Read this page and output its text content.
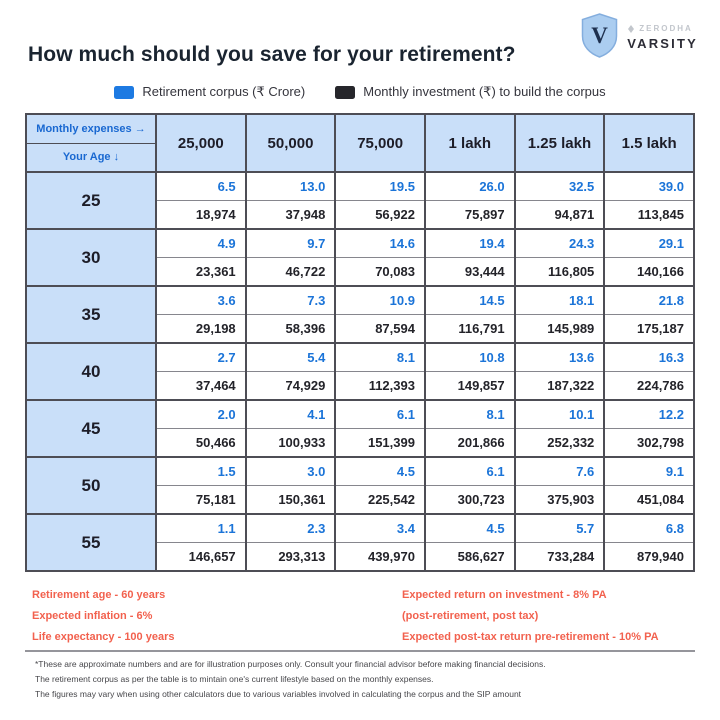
How much should you save for your retirement?
V	ZERODHA
VARSITY
Retirement corpus (₹ Crore)	Monthly investment (₹) to build the corpus
Monthly expenses →
Your Age ↓	25,000	50,000	75,000	1 lakh	1.25 lakh	1.5 lakh
25	6.5	13.0	19.5	26.0	32.5	39.0
	18,974	37,948	56,922	75,897	94,871	113,845
30	4.9	9.7	14.6	19.4	24.3	29.1
	23,361	46,722	70,083	93,444	116,805	140,166
35	3.6	7.3	10.9	14.5	18.1	21.8
	29,198	58,396	87,594	116,791	145,989	175,187
40	2.7	5.4	8.1	10.8	13.6	16.3
	37,464	74,929	112,393	149,857	187,322	224,786
45	2.0	4.1	6.1	8.1	10.1	12.2
	50,466	100,933	151,399	201,866	252,332	302,798
50	1.5	3.0	4.5	6.1	7.6	9.1
	75,181	150,361	225,542	300,723	375,903	451,084
55	1.1	2.3	3.4	4.5	5.7	6.8
	146,657	293,313	439,970	586,627	733,284	879,940
Retirement age - 60 years
Expected inflation - 6%
Life expectancy - 100 years
Expected return on investment - 8% PA
(post-retirement, post tax)
Expected post-tax return pre-retirement - 10% PA
*These are approximate numbers and are for illustration purposes only. Consult your financial advisor before making financial decisions.
The retirement corpus as per the table is to mintain one's current lifestyle based on the monthly expenses.
The figures may vary when using other calculators due to various variables involved in calculating the corpus and the SIP amount
